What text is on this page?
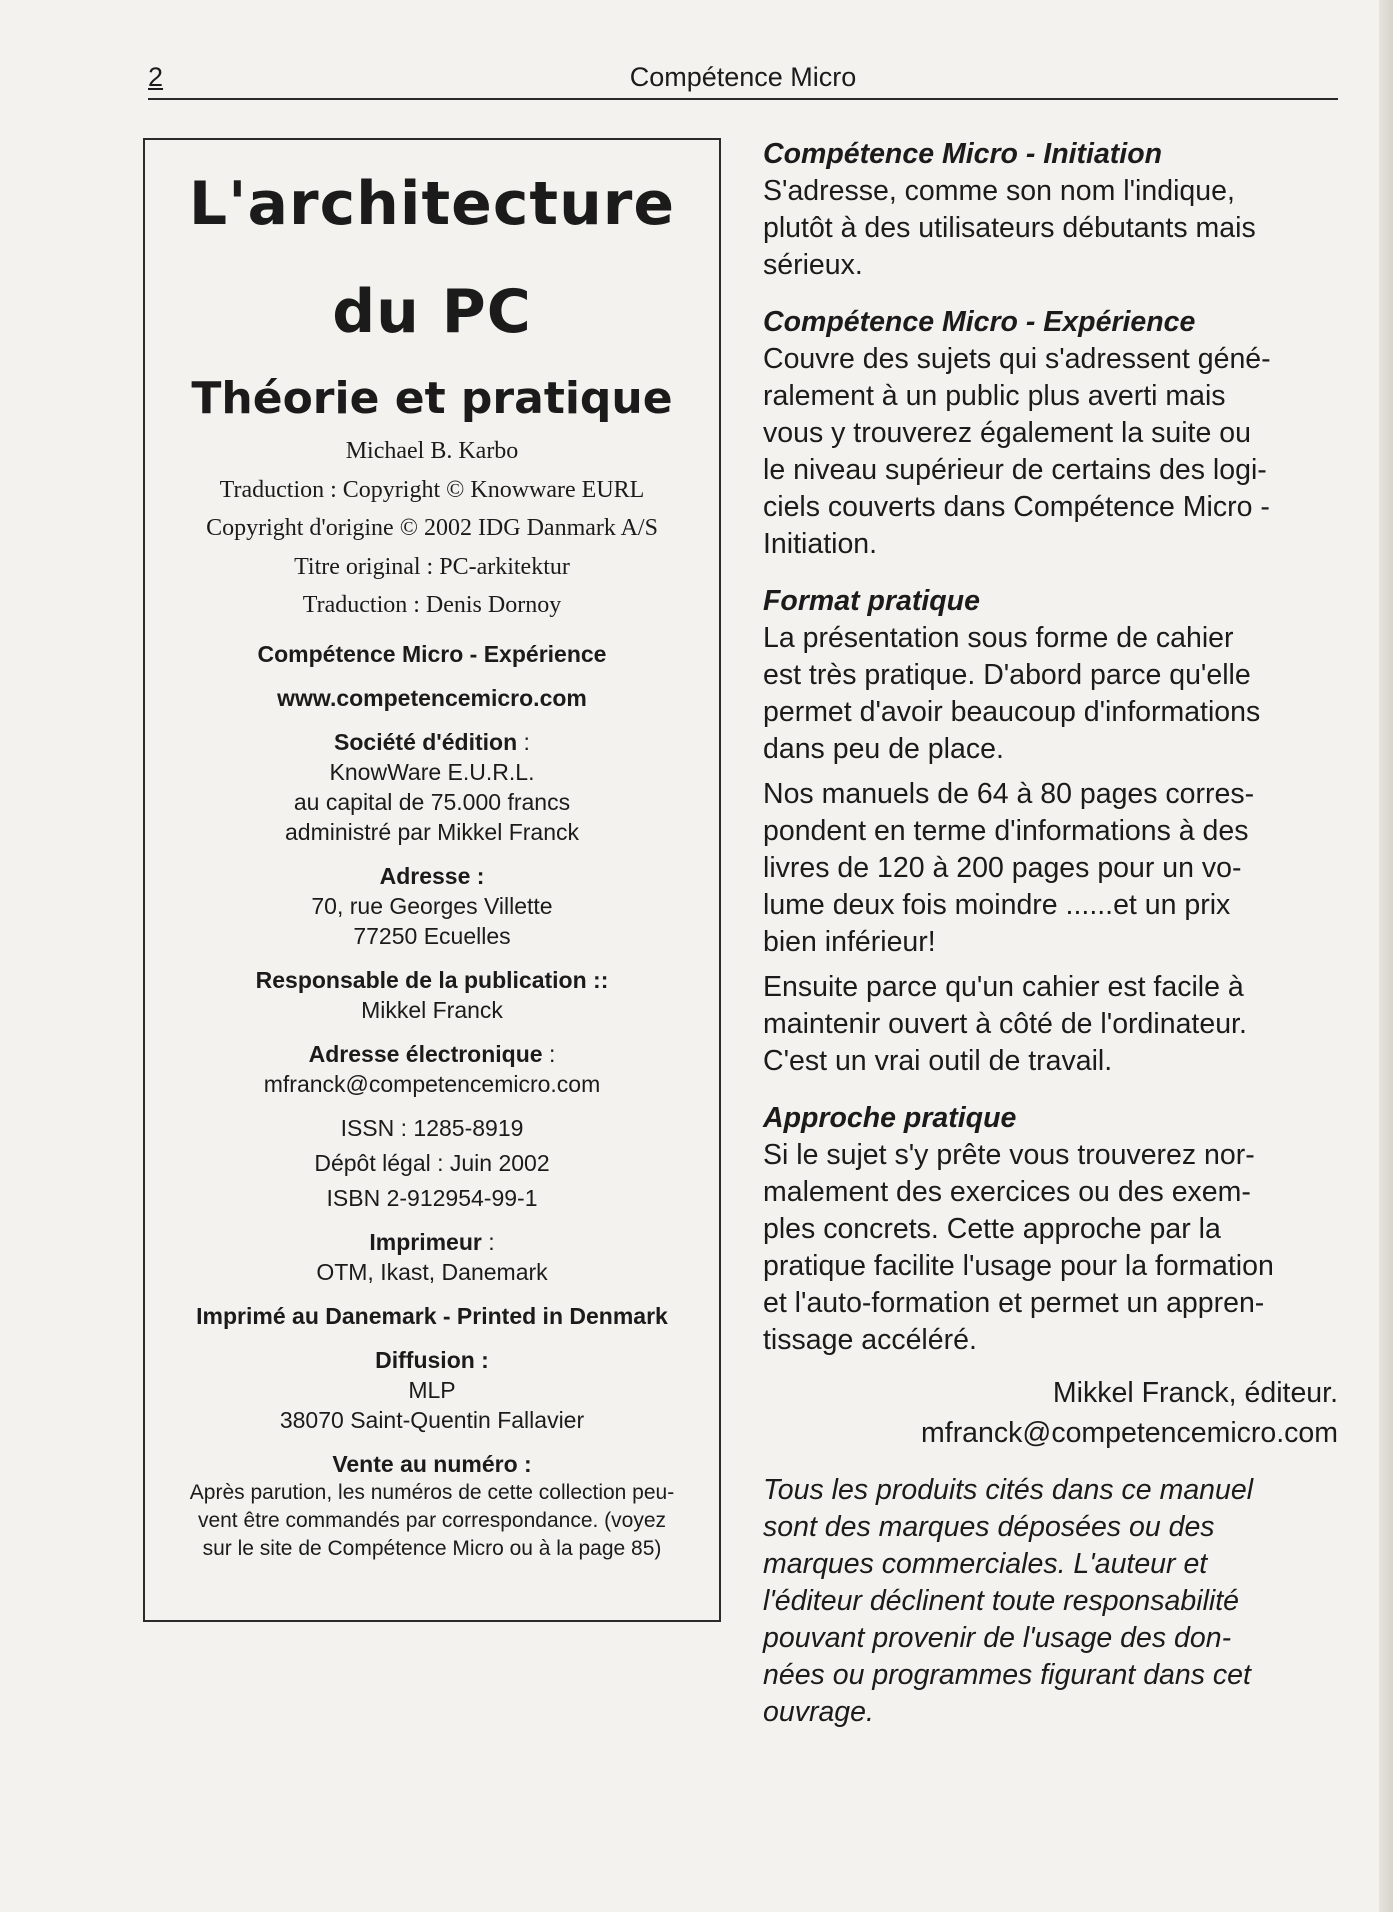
2	Compétence Micro
L'architecture
du PC
Théorie et pratique
Michael B. Karbo
Traduction : Copyright © Knowware EURL
Copyright d'origine © 2002 IDG Danmark A/S
Titre original : PC-arkitektur
Traduction : Denis Dornoy
Compétence Micro - Expérience
www.competencemicro.com
Société d'édition :
KnowWare E.U.R.L.
au capital de 75.000 francs
administré par Mikkel Franck
Adresse :
70, rue Georges Villette
77250 Ecuelles
Responsable de la publication ::
Mikkel Franck
Adresse électronique :
mfranck@competencemicro.com
ISSN : 1285-8919
Dépôt légal : Juin 2002
ISBN 2-912954-99-1
Imprimeur :
OTM, Ikast, Danemark
Imprimé au Danemark - Printed in Denmark
Diffusion :
MLP
38070 Saint-Quentin Fallavier
Vente au numéro :
Après parution, les numéros de cette collection peu-
vent être commandés par correspondance. (voyez
sur le site de Compétence Micro ou à la page 85)
Compétence Micro - Initiation
S'adresse, comme son nom l'indique,
plutôt à des utilisateurs débutants mais
sérieux.
Compétence Micro - Expérience
Couvre des sujets qui s'adressent géné-
ralement à un public plus averti mais
vous y trouverez également la suite ou
le niveau supérieur de certains des logi-
ciels couverts dans Compétence Micro -
Initiation.
Format pratique
La présentation sous forme de cahier
est très pratique. D'abord parce qu'elle
permet d'avoir beaucoup d'informations
dans peu de place.
Nos manuels de 64 à 80 pages corres-
pondent en terme d'informations à des
livres de 120 à 200 pages pour un vo-
lume deux fois moindre ......et un prix
bien inférieur!
Ensuite parce qu'un cahier est facile à
maintenir ouvert à côté de l'ordinateur.
C'est un vrai outil de travail.
Approche pratique
Si le sujet s'y prête vous trouverez nor-
malement des exercices ou des exem-
ples concrets. Cette approche par la
pratique facilite l'usage pour la formation
et l'auto-formation et permet un appren-
tissage accéléré.
Mikkel Franck, éditeur.
mfranck@competencemicro.com
Tous les produits cités dans ce manuel
sont des marques déposées ou des
marques commerciales. L'auteur et
l'éditeur déclinent toute responsabilité
pouvant provenir de l'usage des don-
nées ou programmes figurant dans cet
ouvrage.
